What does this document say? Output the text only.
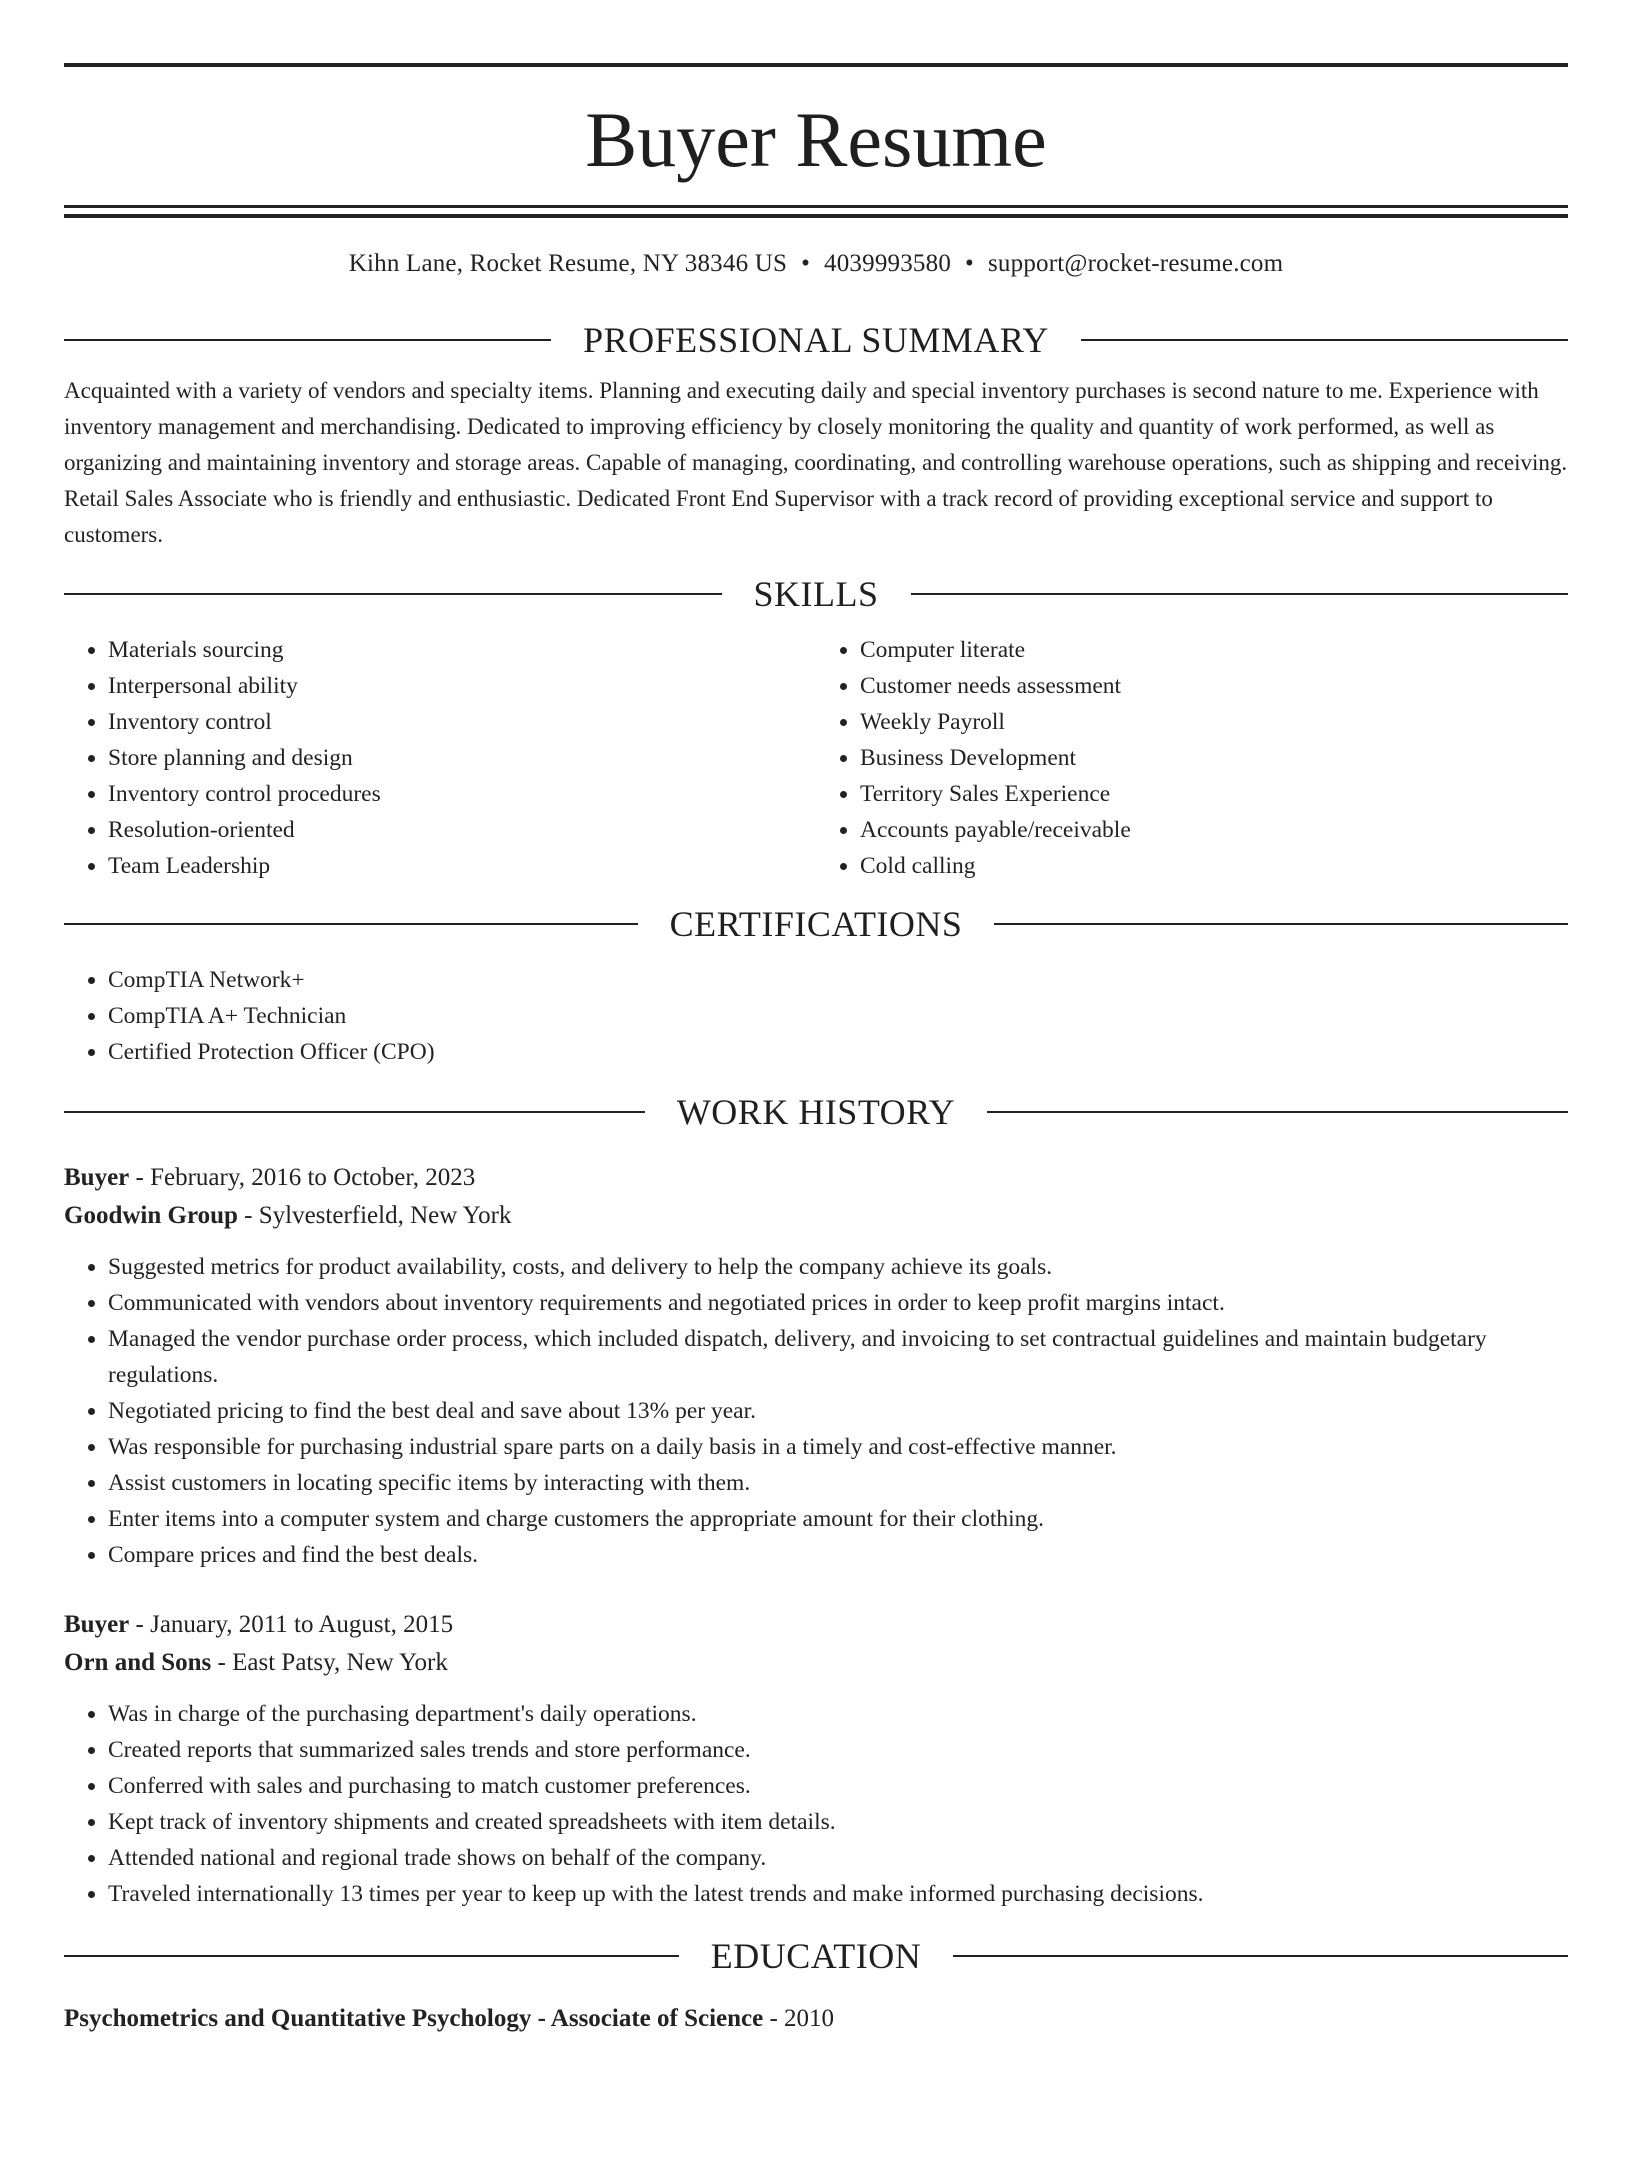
Buyer Resume
Kihn Lane, Rocket Resume, NY 38346 US • 4039993580 • support@rocket-resume.com
PROFESSIONAL SUMMARY

Acquainted with a variety of vendors and specialty items. Planning and executing daily and special inventory purchases is second nature to me. Experience with inventory management and merchandising. Dedicated to improving efficiency by closely monitoring the quality and quantity of work performed, as well as organizing and maintaining inventory and storage areas. Capable of managing, coordinating, and controlling warehouse operations, such as shipping and receiving. Retail Sales Associate who is friendly and enthusiastic. Dedicated Front End Supervisor with a track record of providing exceptional service and support to customers.

SKILLS
• Materials sourcing
• Interpersonal ability
• Inventory control
• Store planning and design
• Inventory control procedures
• Resolution-oriented
• Team Leadership
• Computer literate
• Customer needs assessment
• Weekly Payroll
• Business Development
• Territory Sales Experience
• Accounts payable/receivable
• Cold calling
CERTIFICATIONS
• CompTIA Network+
• CompTIA A+ Technician
• Certified Protection Officer (CPO)
WORK HISTORY
Buyer - February, 2016 to October, 2023
Goodwin Group - Sylvesterfield, New York
• Suggested metrics for product availability, costs, and delivery to help the company achieve its goals.
• Communicated with vendors about inventory requirements and negotiated prices in order to keep profit margins intact.
• Managed the vendor purchase order process, which included dispatch, delivery, and invoicing to set contractual guidelines and maintain budgetary regulations.
• Negotiated pricing to find the best deal and save about 13% per year.
• Was responsible for purchasing industrial spare parts on a daily basis in a timely and cost-effective manner.
• Assist customers in locating specific items by interacting with them.
• Enter items into a computer system and charge customers the appropriate amount for their clothing.
• Compare prices and find the best deals.
Buyer - January, 2011 to August, 2015
Orn and Sons - East Patsy, New York
• Was in charge of the purchasing department's daily operations.
• Created reports that summarized sales trends and store performance.
• Conferred with sales and purchasing to match customer preferences.
• Kept track of inventory shipments and created spreadsheets with item details.
• Attended national and regional trade shows on behalf of the company.
• Traveled internationally 13 times per year to keep up with the latest trends and make informed purchasing decisions.
EDUCATION
Psychometrics and Quantitative Psychology - Associate of Science - 2010
